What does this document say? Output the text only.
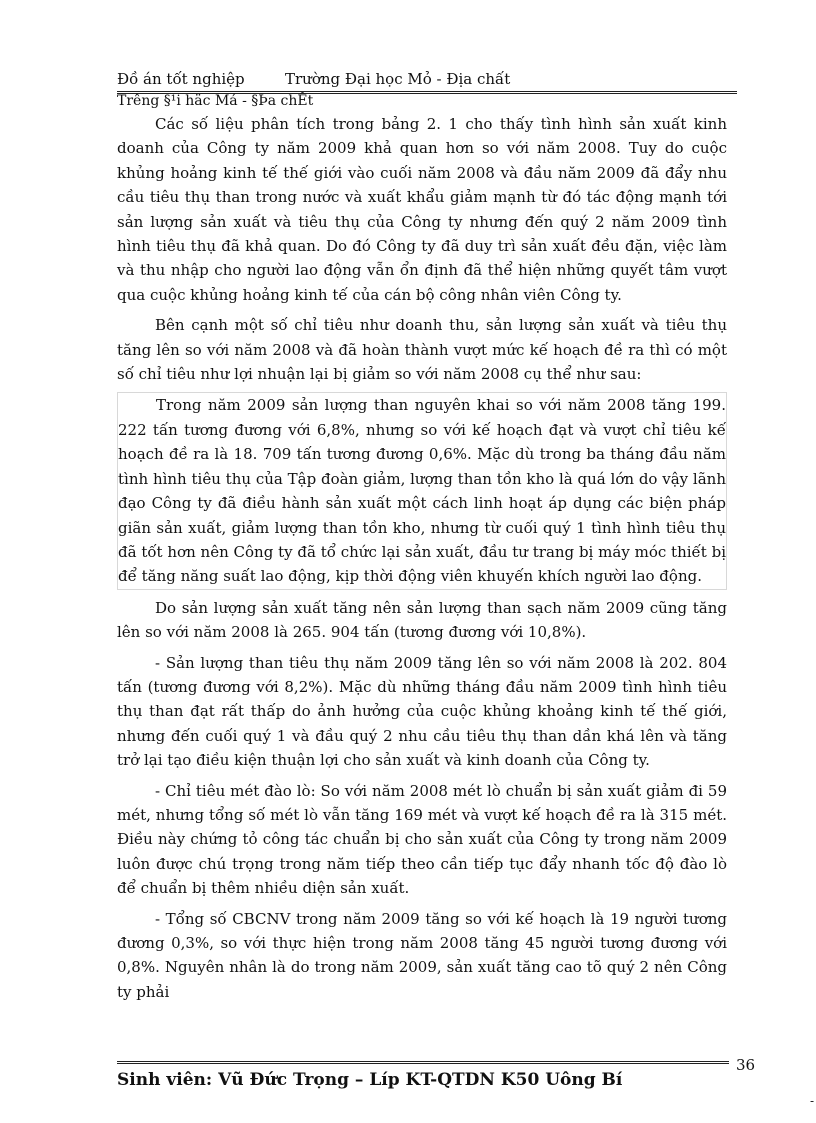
Đồ án tốt nghiệp	Trường Đại học Mỏ - Địa chất
Trêng §¹i häc Má - §Þa chÊt

Các số liệu phân tích trong bảng 2. 1 cho thấy tình hình sản xuất kinh doanh của Công ty năm 2009 khả quan hơn so với năm 2008. Tuy do cuộc khủng hoảng kinh tế thế giới vào cuối năm 2008 và đầu năm 2009 đã đẩy nhu cầu tiêu thụ than trong nước và xuất khẩu giảm mạnh từ đó tác động mạnh tới sản lượng sản xuất và tiêu thụ của Công ty nhưng đến quý 2 năm 2009 tình hình tiêu thụ đã khả quan. Do đó Công ty đã duy trì sản xuất đều đặn, việc làm và thu nhập cho người lao động vẫn ổn định đã thể hiện những quyết tâm vượt qua cuộc khủng hoảng kinh tế của cán bộ công nhân viên Công ty.

Bên cạnh một số chỉ tiêu như doanh thu, sản lượng sản xuất và tiêu thụ tăng lên so với năm 2008 và đã hoàn thành vượt mức kế hoạch đề ra thì có một số chỉ tiêu như lợi nhuận lại bị giảm so với năm 2008 cụ thể như sau:

Trong năm 2009 sản lượng than nguyên khai so với năm 2008 tăng 199. 222 tấn tương đương với 6,8%, nhưng so với kế hoạch đạt và vượt chỉ tiêu kế hoạch đề ra là 18. 709 tấn tương đương 0,6%. Mặc dù trong ba tháng đầu năm tình hình tiêu thụ của Tập đoàn giảm, lượng than tồn kho là quá lớn do vậy lãnh đạo Công ty đã điều hành sản xuất một cách linh hoạt áp dụng các biện pháp giãn sản xuất, giảm lượng than tồn kho, nhưng từ cuối quý 1 tình hình tiêu thụ đã tốt hơn nên Công ty đã tổ chức lại sản xuất, đầu tư trang bị máy móc thiết bị để tăng năng suất lao động, kịp thời động viên khuyến khích người lao động.

Do sản lượng sản xuất tăng nên sản lượng than sạch năm 2009 cũng tăng lên so với năm 2008 là 265. 904 tấn (tương đương với 10,8%).

- Sản lượng than tiêu thụ năm 2009 tăng lên so với năm 2008 là 202. 804 tấn (tương đương với 8,2%). Mặc dù những tháng đầu năm 2009 tình hình tiêu thụ than đạt rất thấp do ảnh hưởng của cuộc khủng khoảng kinh tế thế giới, nhưng đến cuối quý 1 và đầu quý 2 nhu cầu tiêu thụ than dần khá lên và tăng trở lại tạo điều kiện thuận lợi cho sản xuất và kinh doanh của Công ty.

- Chỉ tiêu mét đào lò: So với năm 2008 mét lò chuẩn bị sản xuất giảm đi 59 mét, nhưng tổng số mét lò vẫn tăng 169 mét và vượt kế hoạch đề ra là 315 mét. Điều này chứng tỏ công tác chuẩn bị cho sản xuất của Công ty trong năm 2009 luôn được chú trọng trong năm tiếp theo cần tiếp tục đẩy nhanh tốc độ đào lò để chuẩn bị thêm nhiều diện sản xuất.

- Tổng số CBCNV trong năm 2009 tăng so với kế hoạch là 19 người tương đương 0,3%, so với thực hiện trong năm 2008 tăng 45 người tương đương với 0,8%. Nguyên nhân là do trong năm 2009, sản xuất tăng cao tõ quý 2 nên Công ty phải

36
Sinh viên: Vũ Đức Trọng – Líp KT-QTDN K50 Uông Bí
-
